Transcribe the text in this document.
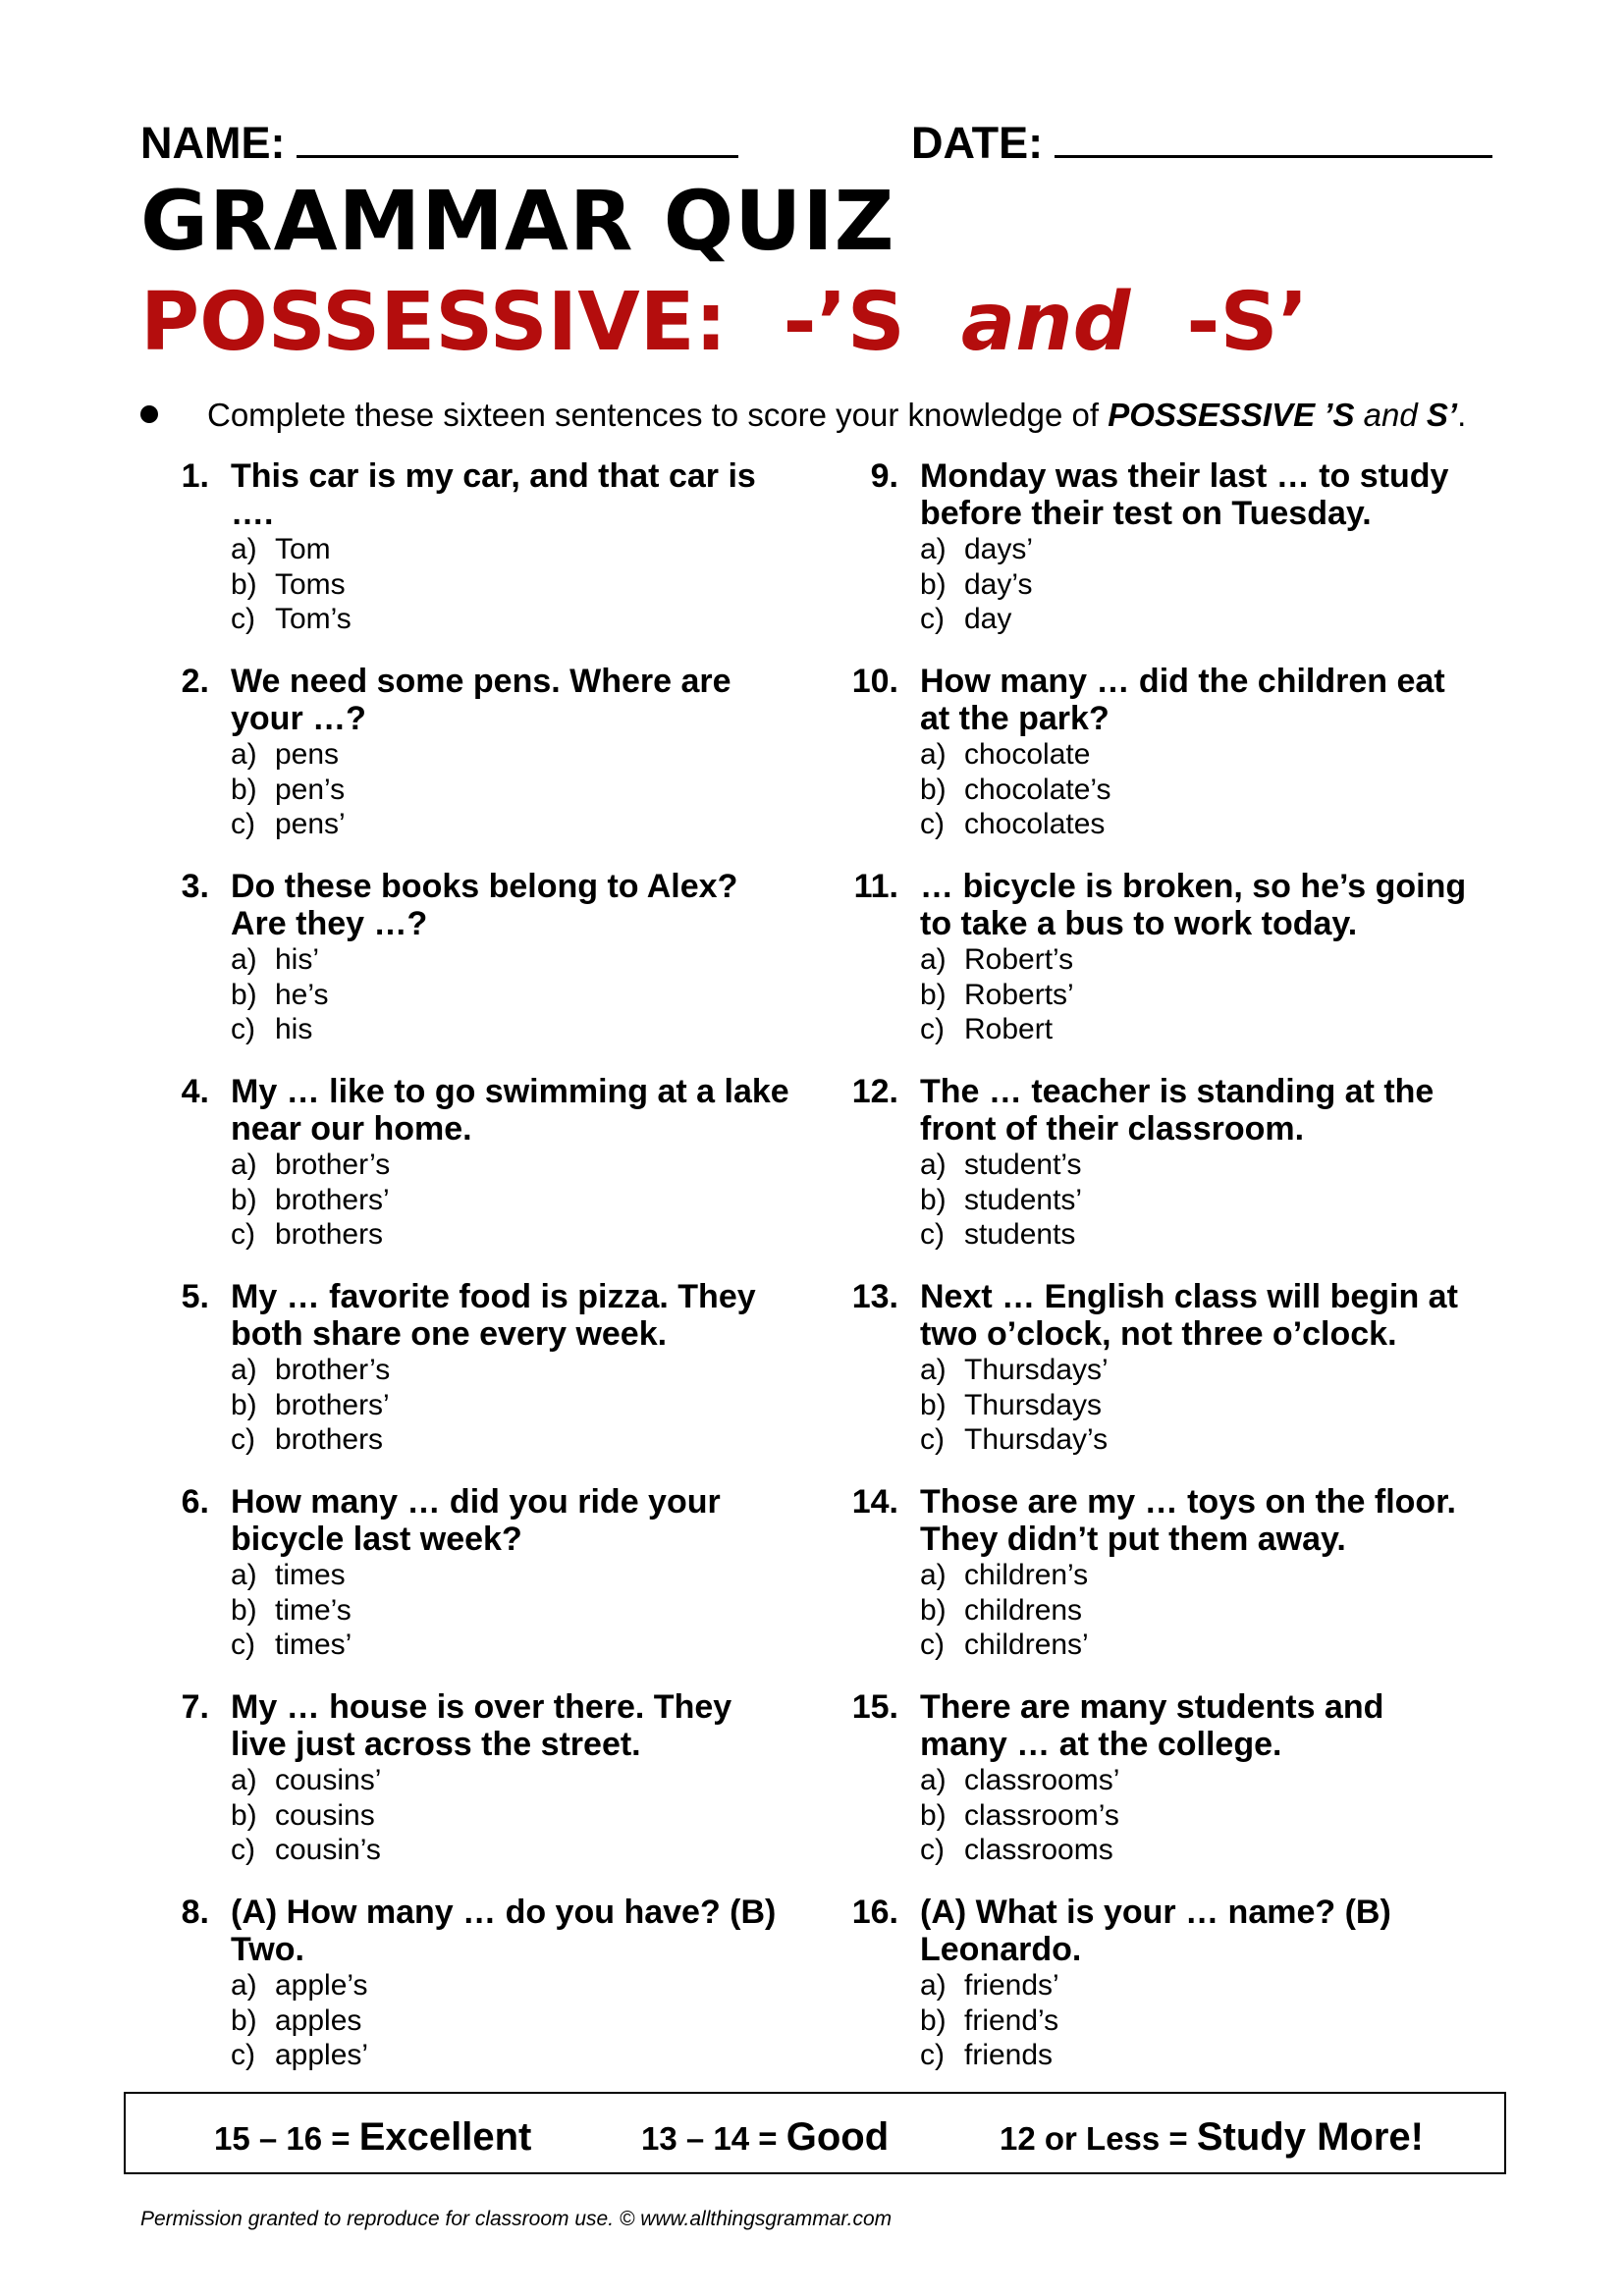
NAME:	DATE:
GRAMMAR QUIZ
POSSESSIVE:  -’S  and  -S’
Complete these sixteen sentences to score your knowledge of POSSESSIVE ’S and S’.
1. This car is my car, and that car is ….

a) Tom

b) Toms

c) Tom’s

2. We need some pens. Where are your …?

a) pens

b) pen’s

c) pens’

3. Do these books belong to Alex? Are they …?

a) his’

b) he’s

c) his

4. My … like to go swimming at a lake near our home.

a) brother’s

b) brothers’

c) brothers

5. My … favorite food is pizza. They both share one every week.

a) brother’s

b) brothers’

c) brothers

6. How many … did you ride your bicycle last week?

a) times

b) time’s

c) times’

7. My … house is over there. They live just across the street.

a) cousins’

b) cousins

c) cousin’s

8. (A) How many … do you have? (B) Two.

a) apple’s

b) apples

c) apples’

9. Monday was their last … to study before their test on Tuesday.

a) days’

b) day’s

c) day

10. How many … did the children eat at the park?

a) chocolate

b) chocolate’s

c) chocolates

11. … bicycle is broken, so he’s going to take a bus to work today.

a) Robert’s

b) Roberts’

c) Robert

12. The … teacher is standing at the front of their classroom.

a) student’s

b) students’

c) students

13. Next … English class will begin at two o’clock, not three o’clock.

a) Thursdays’

b) Thursdays

c) Thursday’s

14. Those are my … toys on the floor. They didn’t put them away.

a) children’s

b) childrens

c) childrens’

15. There are many students and many … at the college.

a) classrooms’

b) classroom’s

c) classrooms

16. (A) What is your … name? (B) Leonardo.

a) friends’

b) friend’s

c) friends

15 – 16 = Excellent	13 – 14 = Good	12 or Less = Study More!
Permission granted to reproduce for classroom use. © www.allthingsgrammar.com
